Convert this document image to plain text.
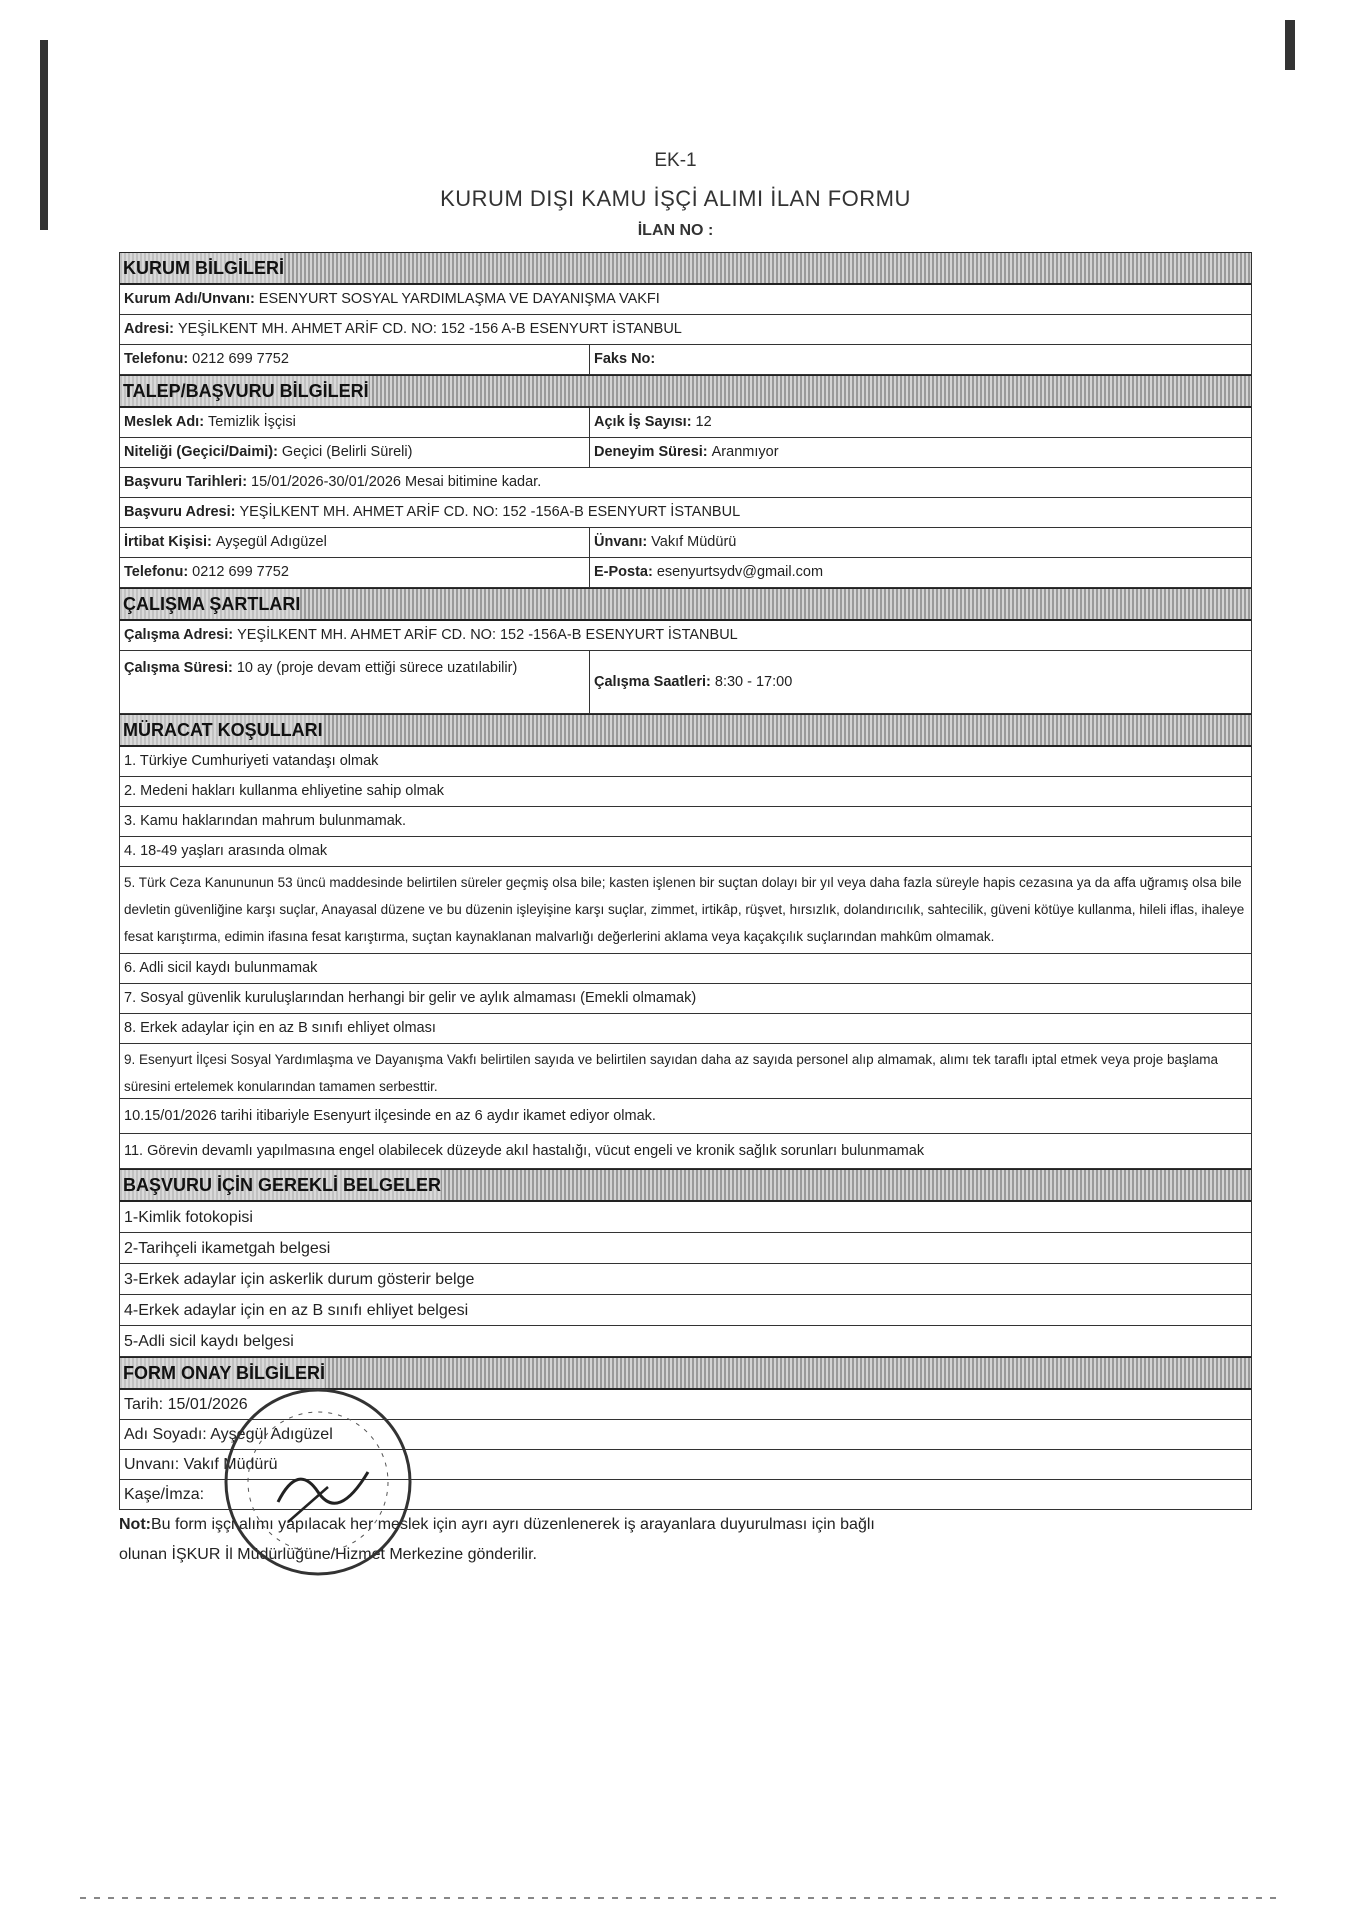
EK-1
KURUM DIŞI KAMU İŞÇİ ALIMI İLAN FORMU
İLAN NO :
KURUM BİLGİLERİ
Kurum Adı/Unvanı: ESENYURT SOSYAL YARDIMLAŞMA VE DAYANIŞMA VAKFI
Adresi: YEŞİLKENT MH. AHMET ARİF CD. NO: 152 -156 A-B ESENYURT İSTANBUL
Telefonu: 0212 699 7752	Faks No:
TALEP/BAŞVURU BİLGİLERİ
Meslek Adı: Temizlik İşçisi	Açık İş Sayısı: 12
Niteliği (Geçici/Daimi): Geçici (Belirli Süreli)	Deneyim Süresi: Aranmıyor
Başvuru Tarihleri: 15/01/2026-30/01/2026 Mesai bitimine kadar.
Başvuru Adresi: YEŞİLKENT MH. AHMET ARİF CD. NO: 152 -156A-B ESENYURT İSTANBUL
İrtibat Kişisi: Ayşegül Adıgüzel	Ünvanı: Vakıf Müdürü
Telefonu: 0212 699 7752	E-Posta: esenyurtsydv@gmail.com
ÇALIŞMA ŞARTLARI
Çalışma Adresi: YEŞİLKENT MH. AHMET ARİF CD. NO: 152 -156A-B ESENYURT İSTANBUL
Çalışma Süresi: 10 ay (proje devam ettiği sürece uzatılabilir)
Çalışma Saatleri: 8:30 - 17:00
MÜRACAT KOŞULLARI
1. Türkiye Cumhuriyeti vatandaşı olmak
2. Medeni hakları kullanma ehliyetine sahip olmak
3. Kamu haklarından mahrum bulunmamak.
4. 18-49 yaşları arasında olmak
5. Türk Ceza Kanununun 53 üncü maddesinde belirtilen süreler geçmiş olsa bile; kasten işlenen bir suçtan dolayı bir yıl veya daha fazla süreyle hapis cezasına ya da affa uğramış olsa bile devletin güvenliğine karşı suçlar, Anayasal düzene ve bu düzenin işleyişine karşı suçlar, zimmet, irtikâp, rüşvet, hırsızlık, dolandırıcılık, sahtecilik, güveni kötüye kullanma, hileli iflas, ihaleye fesat karıştırma, edimin ifasına fesat karıştırma, suçtan kaynaklanan malvarlığı değerlerini aklama veya kaçakçılık suçlarından mahkûm olmamak.
6. Adli sicil kaydı bulunmamak
7. Sosyal güvenlik kuruluşlarından herhangi bir gelir ve aylık almaması (Emekli olmamak)
8. Erkek adaylar için en az B sınıfı ehliyet olması
9. Esenyurt İlçesi Sosyal Yardımlaşma ve Dayanışma Vakfı belirtilen sayıda ve belirtilen sayıdan daha az sayıda personel alıp almamak, alımı tek taraflı iptal etmek veya proje başlama süresini ertelemek konularından tamamen serbesttir.
10.15/01/2026 tarihi itibariyle Esenyurt ilçesinde en az 6 aydır ikamet ediyor olmak.
11. Görevin devamlı yapılmasına engel olabilecek düzeyde akıl hastalığı, vücut engeli ve kronik sağlık sorunları bulunmamak
BAŞVURU İÇİN GEREKLİ BELGELER
1-Kimlik fotokopisi
2-Tarihçeli ikametgah belgesi
3-Erkek adaylar için askerlik durum gösterir belge
4-Erkek adaylar için en az B sınıfı ehliyet belgesi
5-Adli sicil kaydı belgesi
FORM ONAY BİLGİLERİ
Tarih: 15/01/2026
Adı Soyadı: Ayşegül Adıgüzel
Unvanı: Vakıf Müdürü
Kaşe/İmza:
Not:Bu form işçi alımı yapılacak her meslek için ayrı ayrı düzenlenerek iş arayanlara duyurulması için bağlı
olunan İŞKUR İl Müdürlüğüne/Hizmet Merkezine gönderilir.
